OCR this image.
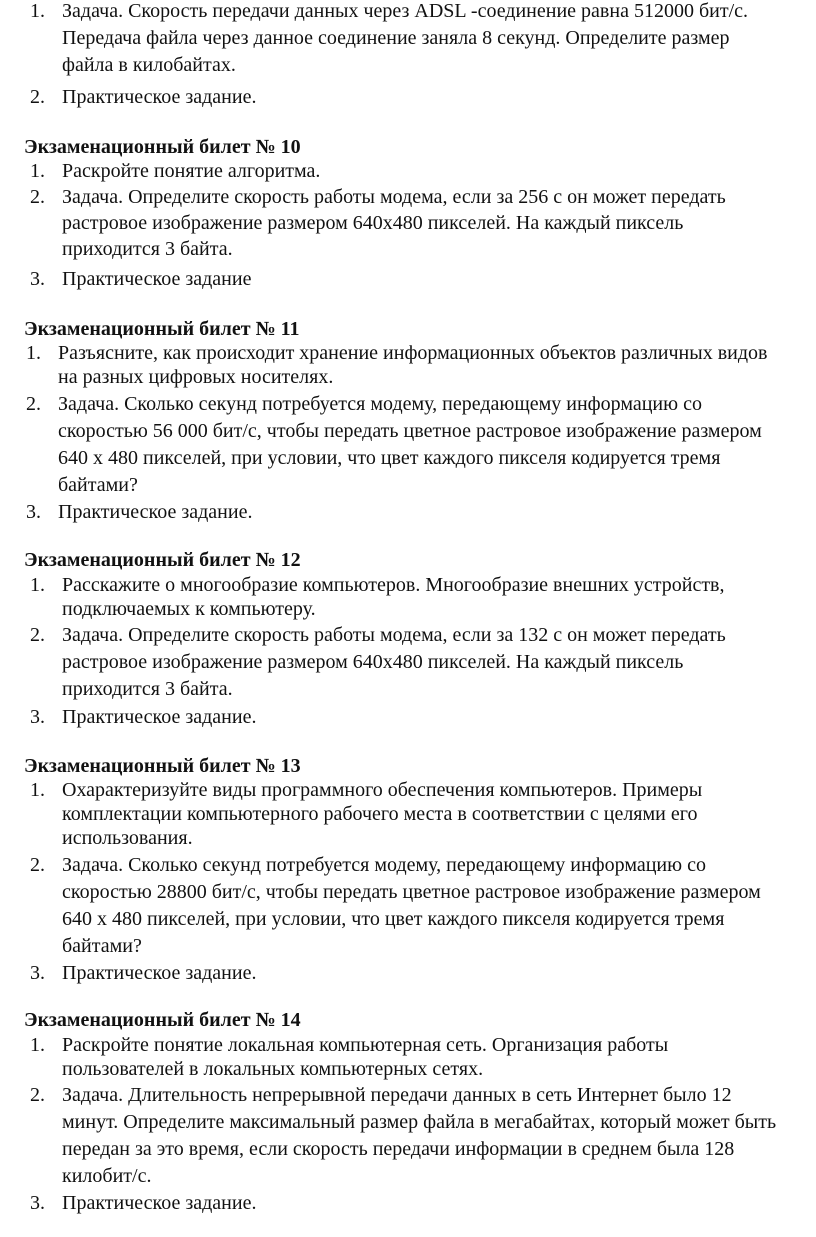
1. Задача. Скорость передачи данных через ADSL -соединение равна 512000 бит/с.
Передача файла через данное соединение заняла 8 секунд. Определите размер
файла в килобайтах.
2. Практическое задание.
Экзаменационный билет № 10
1. Раскройте понятие алгоритма.
2. Задача. Определите скорость работы модема, если за 256 с он может передать
растровое изображение размером 640х480 пикселей. На каждый пиксель
приходится 3 байта.
3. Практическое задание
Экзаменационный билет № 11
1. Разъясните, как происходит хранение информационных объектов различных видов
на разных цифровых носителях.
2. Задача. Сколько секунд потребуется модему, передающему информацию со
скоростью 56 000 бит/с, чтобы передать цветное растровое изображение размером
640 х 480 пикселей, при условии, что цвет каждого пикселя кодируется тремя
байтами?
3. Практическое задание.
Экзаменационный билет № 12
1. Расскажите о многообразие компьютеров. Многообразие внешних устройств,
подключаемых к компьютеру.
2. Задача. Определите скорость работы модема, если за 132 с он может передать
растровое изображение размером 640х480 пикселей. На каждый пиксель
приходится 3 байта.
3. Практическое задание.
Экзаменационный билет № 13
1. Охарактеризуйте виды программного обеспечения компьютеров. Примеры
комплектации компьютерного рабочего места в соответствии с целями его
использования.
2. Задача. Сколько секунд потребуется модему, передающему информацию со
скоростью 28800 бит/с, чтобы передать цветное растровое изображение размером
640 х 480 пикселей, при условии, что цвет каждого пикселя кодируется тремя
байтами?
3. Практическое задание.
Экзаменационный билет № 14
1. Раскройте понятие локальная компьютерная сеть. Организация работы
пользователей в локальных компьютерных сетях.
2. Задача. Длительность непрерывной передачи данных в сеть Интернет было 12
минут. Определите максимальный размер файла в мегабайтах, который может быть
передан за это время, если скорость передачи информации в среднем была 128
килобит/с.
3. Практическое задание.
